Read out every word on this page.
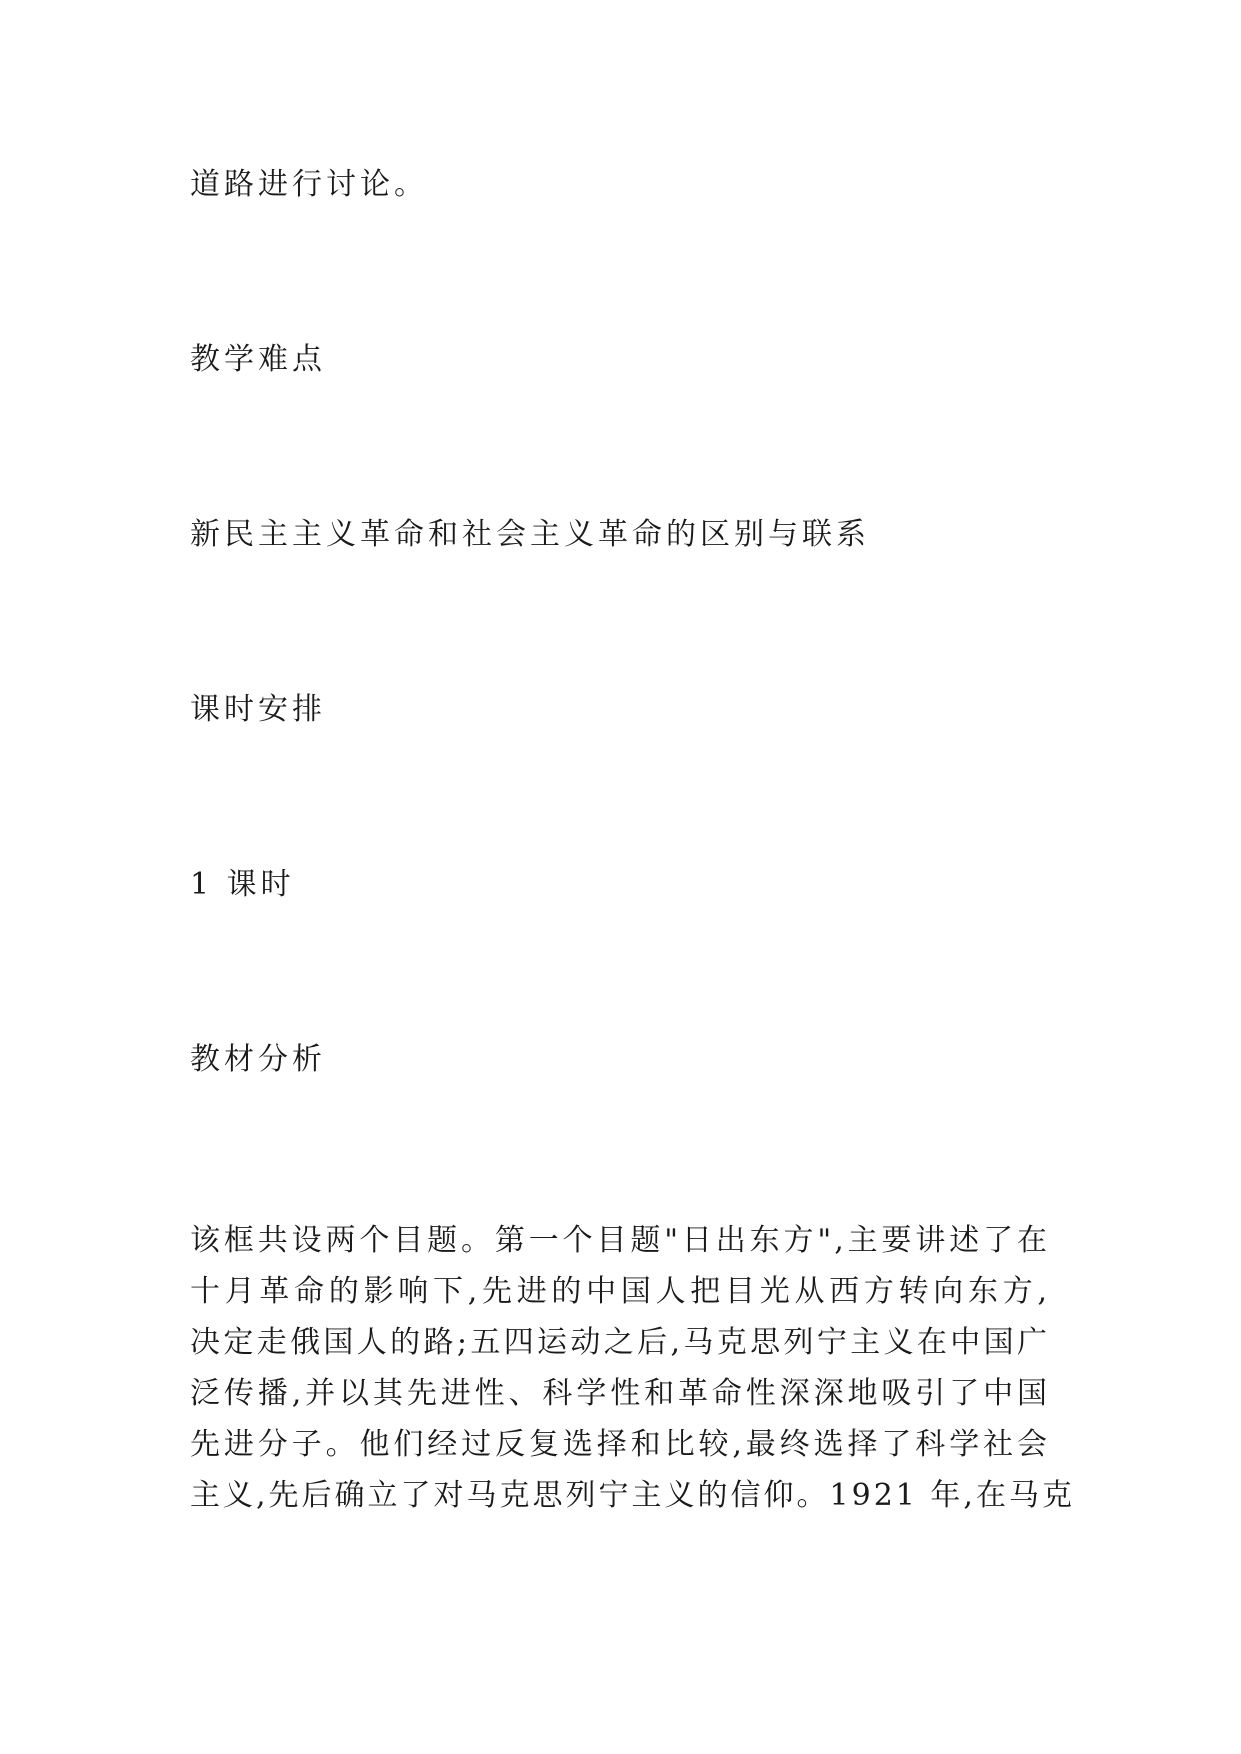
道路进行讨论。
教学难点
新民主主义革命和社会主义革命的区别与联系
课时安排
1 课时
教材分析
该框共设两个目题。第一个目题"日出东方",主要讲述了在
十月革命的影响下,先进的中国人把目光从西方转向东方,
决定走俄国人的路;五四运动之后,马克思列宁主义在中国广
泛传播,并以其先进性、科学性和革命性深深地吸引了中国
先进分子。他们经过反复选择和比较,最终选择了科学社会
主义,先后确立了对马克思列宁主义的信仰。1921 年,在马克
